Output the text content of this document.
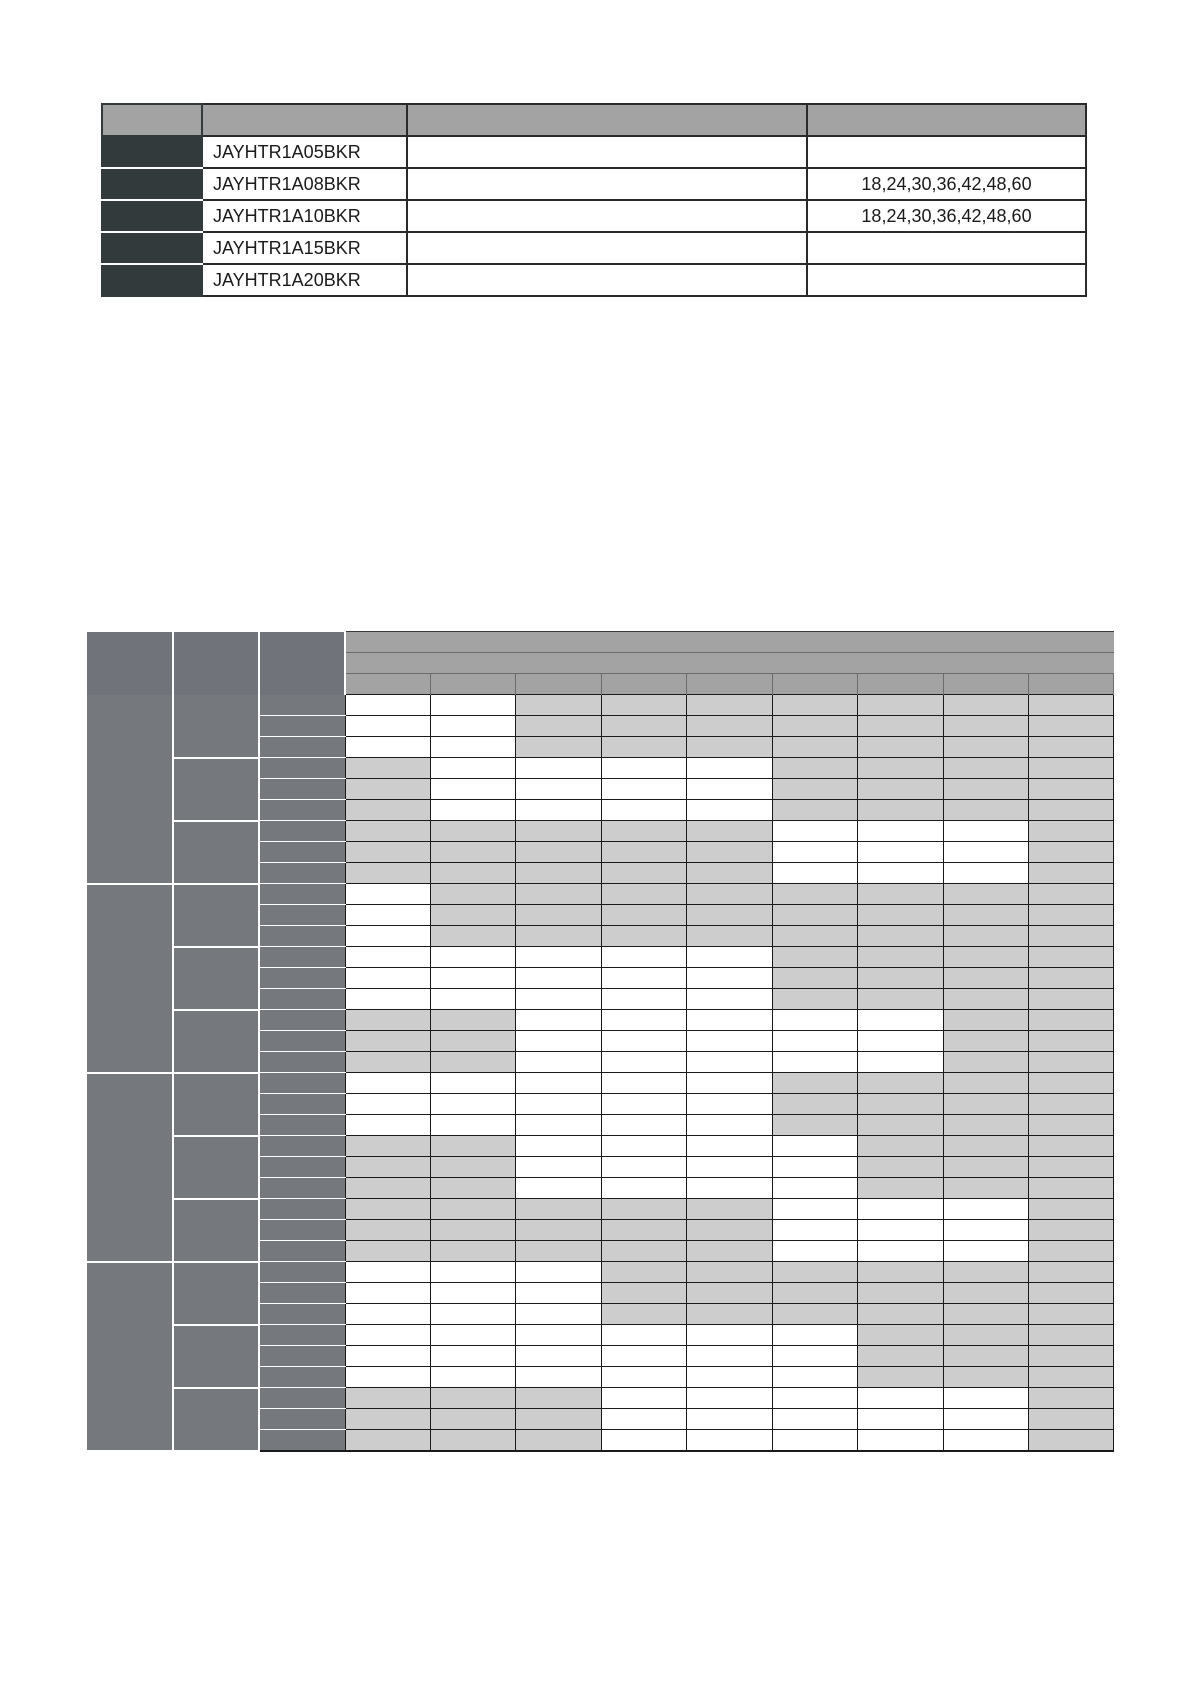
	JAYHTR1A05BKR		
	JAYHTR1A08BKR		18,24,30,36,42,48,60
	JAYHTR1A10BKR		18,24,30,36,42,48,60
	JAYHTR1A15BKR		
	JAYHTR1A20BKR		
